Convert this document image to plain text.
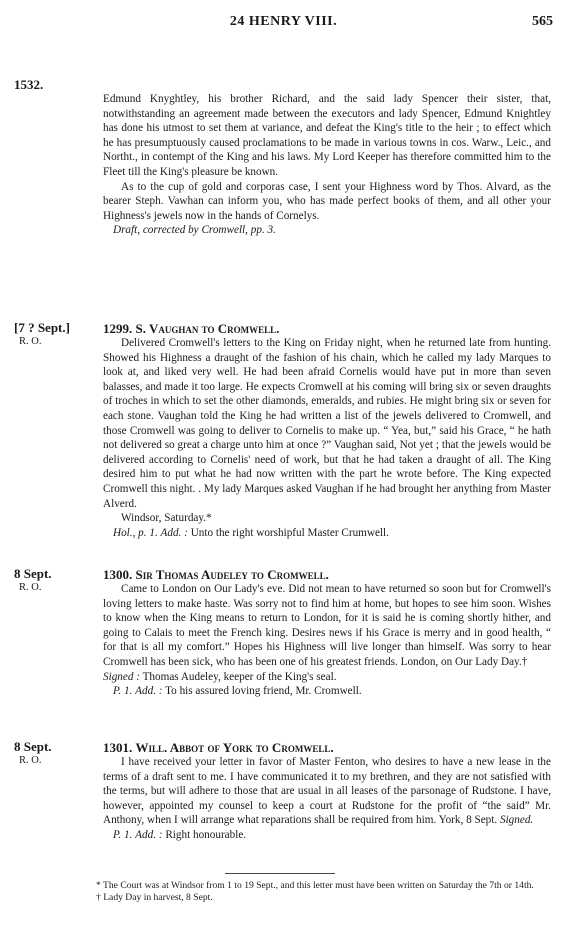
24 HENRY VIII.	565
1532.

Edmund Knyghtley, his brother Richard, and the said lady Spencer their sister, that, notwithstanding an agreement made between the executors and lady Spencer, Edmund Knightley has done his utmost to set them at variance, and defeat the King's title to the heir ; to effect which he has presumptuously caused proclamations to be made in various towns in cos. Warw., Leic., and Northt., in contempt of the King and his laws. My Lord Keeper has therefore committed him to the Fleet till the King's pleasure be known.

As to the cup of gold and corporas case, I sent your Highness word by Thos. Alvard, as the bearer Steph. Vawhan can inform you, who has made perfect books of them, and all other your Highness's jewels now in the hands of Cornelys.

Draft, corrected by Cromwell, pp. 3.

[7 ? Sept.]
R. O.

1299. S. Vaughan to Cromwell.

Delivered Cromwell's letters to the King on Friday night, when he returned late from hunting. Showed his Highness a draught of the fashion of his chain, which he called my lady Marques to look at, and liked very well. He had been afraid Cornelis would have put in more than seven balasses, and made it too large. He expects Cromwell at his coming will bring six or seven draughts of troches in which to set the other diamonds, emeralds, and rubies. He might bring six or seven for each stone. Vaughan told the King he had written a list of the jewels delivered to Cromwell, and those Cromwell was going to deliver to Cornelis to make up. “ Yea, but,” said his Grace, “ he hath not delivered so great a charge unto him at once ?” Vaughan said, Not yet ; that the jewels would be delivered according to Cornelis' need of work, but that he had taken a draught of all. The King desired him to put what he had now written with the part he wrote before. The King expected Cromwell this night. . My lady Marques asked Vaughan if he had brought her anything from Master Alverd.

Windsor, Saturday.*

Hol., p. 1. Add. : Unto the right worshipful Master Crumwell.

8 Sept.
R. O.

1300. Sir Thomas Audeley to Cromwell.

Came to London on Our Lady's eve. Did not mean to have returned so soon but for Cromwell's loving letters to make haste. Was sorry not to find him at home, but hopes to see him soon. Wishes to know when the King means to return to London, for it is said he is coming shortly hither, and going to Calais to meet the French king. Desires news if his Grace is merry and in good health, “ for that is all my comfort.” Hopes his Highness will live longer than himself. Was sorry to hear Cromwell has been sick, who has been one of his greatest friends. London, on Our Lady Day.†

Signed : Thomas Audeley, keeper of the King's seal.

P. 1. Add. : To his assured loving friend, Mr. Cromwell.

8 Sept.
R. O.

1301. Will. Abbot of York to Cromwell.

I have received your letter in favor of Master Fenton, who desires to have a new lease in the terms of a draft sent to me. I have communicated it to my brethren, and they are not satisfied with the terms, but will adhere to those that are usual in all leases of the parsonage of Rudstone. I have, however, appointed my counsel to keep a court at Rudstone for the profit of “the said” Mr. Anthony, when I will arrange what reparations shall be required from him. York, 8 Sept. Signed.

P. 1. Add. : Right honourable.

* The Court was at Windsor from 1 to 19 Sept., and this letter must have been written on Saturday the 7th or 14th.

† Lady Day in harvest, 8 Sept.
